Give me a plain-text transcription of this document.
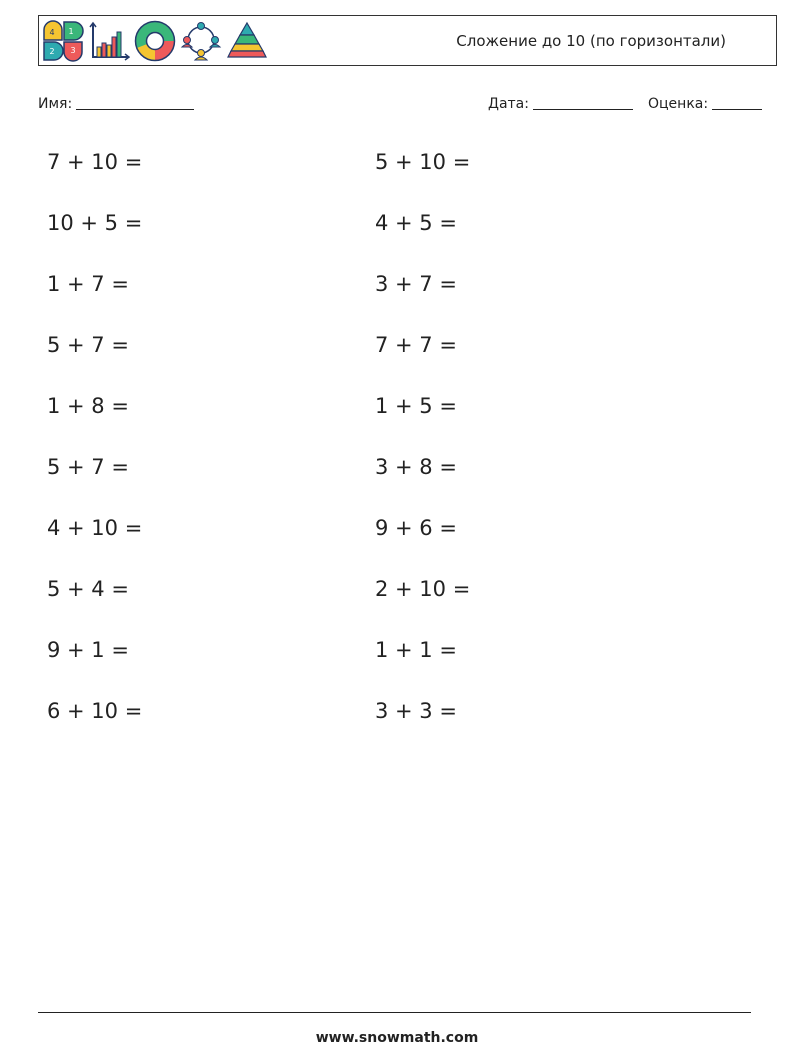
4 1
2 3
Сложение до 10 (по горизонтали)
Имя:	Дата:	Оценка:
7 + 10 =
10 + 5 =
1 + 7 =
5 + 7 =
1 + 8 =
5 + 7 =
4 + 10 =
5 + 4 =
9 + 1 =
6 + 10 =
5 + 10 =
4 + 5 =
3 + 7 =
7 + 7 =
1 + 5 =
3 + 8 =
9 + 6 =
2 + 10 =
1 + 1 =
3 + 3 =
www.snowmath.com
